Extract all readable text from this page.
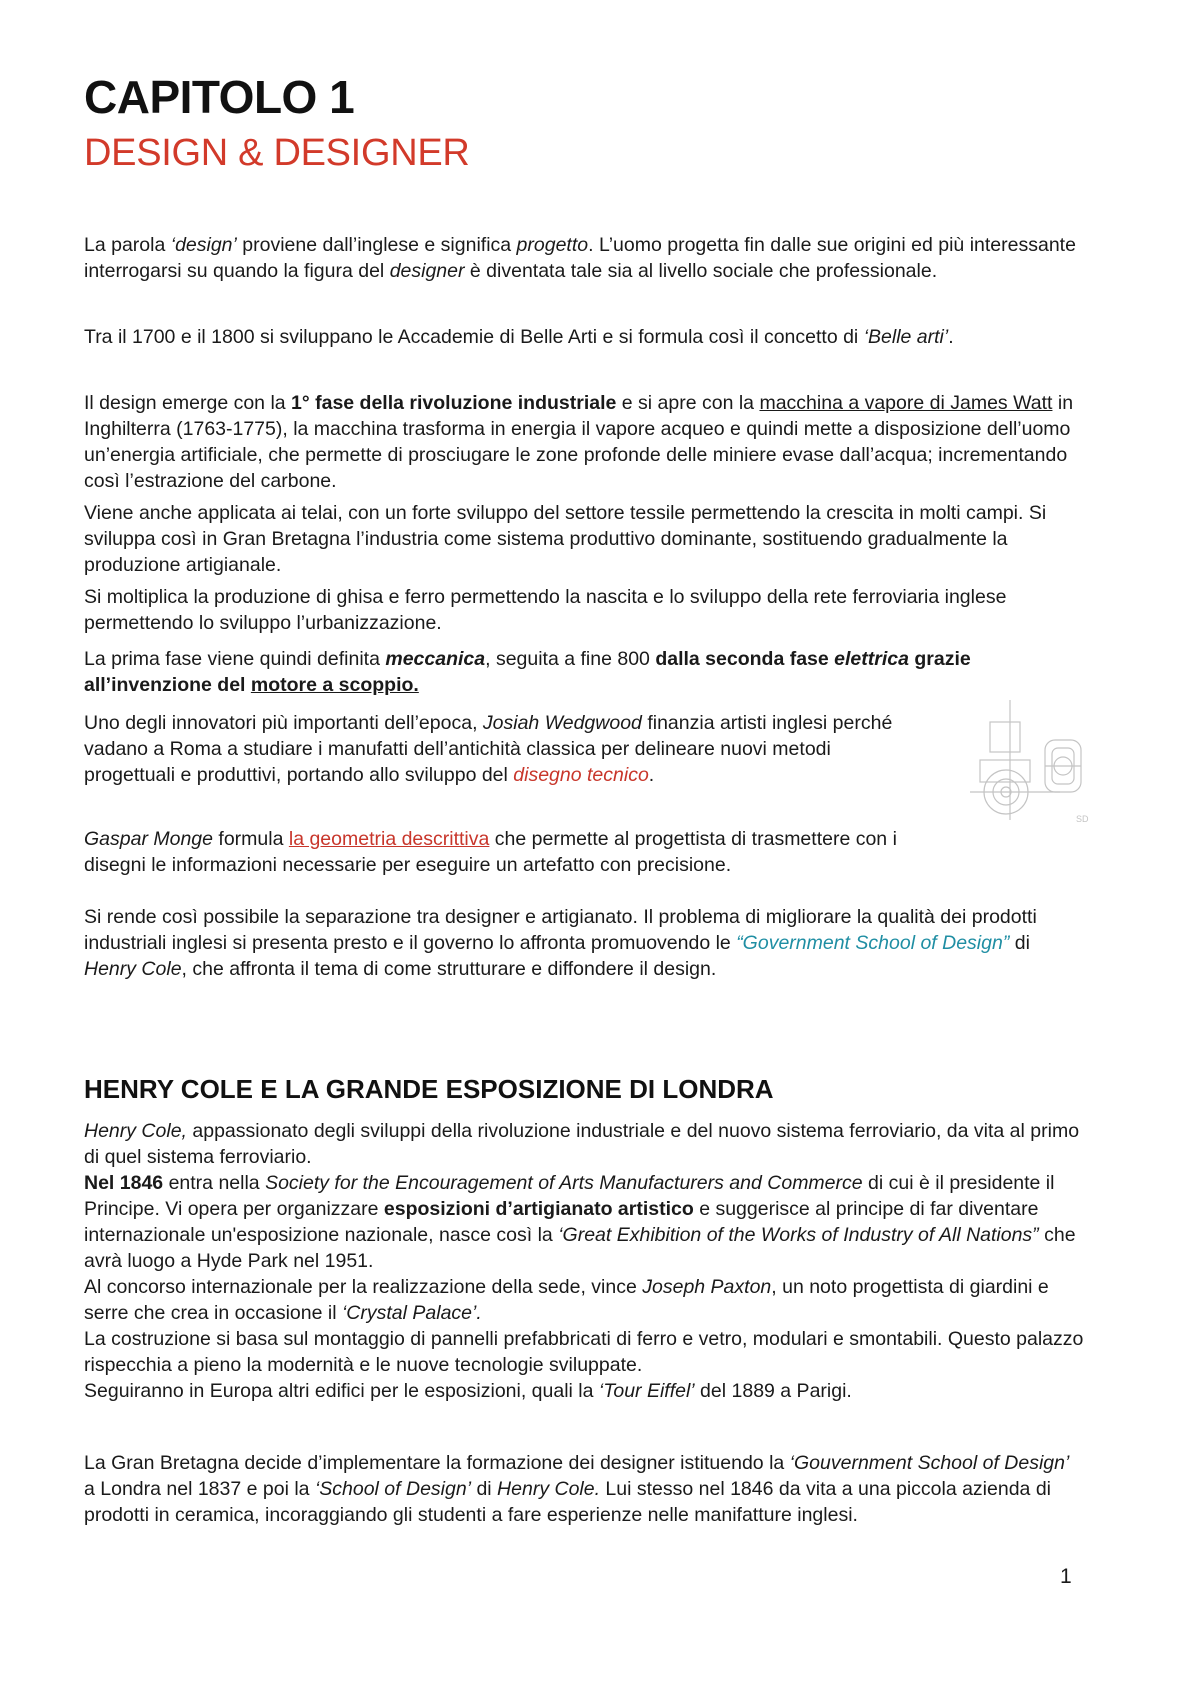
CAPITOLO 1
DESIGN & DESIGNER

La parola ‘design’ proviene dall’inglese e significa progetto. L’uomo progetta fin dalle sue origini ed più interessante interrogarsi su quando la figura del designer è diventata tale sia al livello sociale che professionale.

Tra il 1700 e il 1800 si sviluppano le Accademie di Belle Arti e si formula così il concetto di ‘Belle arti’.

Il design emerge con la 1° fase della rivoluzione industriale e si apre con la macchina a vapore di James Watt in Inghilterra (1763-1775), la macchina trasforma in energia il vapore acqueo e quindi mette a disposizione dell’uomo un’energia artificiale, che permette di prosciugare le zone profonde delle miniere evase dall’acqua; incrementando così l’estrazione del carbone.

Viene anche applicata ai telai, con un forte sviluppo del settore tessile permettendo la crescita in molti campi. Si sviluppa così in Gran Bretagna l’industria come sistema produttivo dominante, sostituendo gradualmente la produzione artigianale.

Si moltiplica la produzione di ghisa e ferro permettendo la nascita e lo sviluppo della rete ferroviaria inglese permettendo lo sviluppo l’urbanizzazione.

La prima fase viene quindi definita meccanica, seguita a fine 800 dalla seconda fase elettrica grazie all’invenzione del motore a scoppio.

Uno degli innovatori più importanti dell’epoca, Josiah Wedgwood finanzia artisti inglesi perché vadano a Roma a studiare i manufatti dell’antichità classica per delineare nuovi metodi progettuali e produttivi, portando allo sviluppo del disegno tecnico.

Gaspar Monge formula la geometria descrittiva che permette al progettista di trasmettere con i disegni le informazioni necessarie per eseguire un artefatto con precisione.

Si rende così possibile la separazione tra designer e artigianato. Il problema di migliorare la qualità dei prodotti industriali inglesi si presenta presto e il governo lo affronta promuovendo le “Government School of Design” di Henry Cole, che affronta il tema di come strutturare e diffondere il design.

SD
HENRY COLE E LA GRANDE ESPOSIZIONE DI LONDRA

Henry Cole, appassionato degli sviluppi della rivoluzione industriale e del nuovo sistema ferroviario, da vita al primo di quel sistema ferroviario.

Nel 1846 entra nella Society for the Encouragement of Arts Manufacturers and Commerce di cui è il presidente il Principe. Vi opera per organizzare esposizioni d’artigianato artistico e suggerisce al principe di far diventare internazionale un'esposizione nazionale, nasce così la ‘Great Exhibition of the Works of Industry of All Nations” che avrà luogo a Hyde Park nel 1951.

Al concorso internazionale per la realizzazione della sede, vince Joseph Paxton, un noto progettista di giardini e serre che crea in occasione il ‘Crystal Palace’.

La costruzione si basa sul montaggio di pannelli prefabbricati di ferro e vetro, modulari e smontabili. Questo palazzo rispecchia a pieno la modernità e le nuove tecnologie sviluppate.

Seguiranno in Europa altri edifici per le esposizioni, quali la ‘Tour Eiffel’ del 1889 a Parigi.

La Gran Bretagna decide d’implementare la formazione dei designer istituendo la ‘Gouvernment School of Design’ a Londra nel 1837 e poi la ‘School of Design’ di Henry Cole. Lui stesso nel 1846 da vita a una piccola azienda di prodotti in ceramica, incoraggiando gli studenti a fare esperienze nelle manifatture inglesi.

1
